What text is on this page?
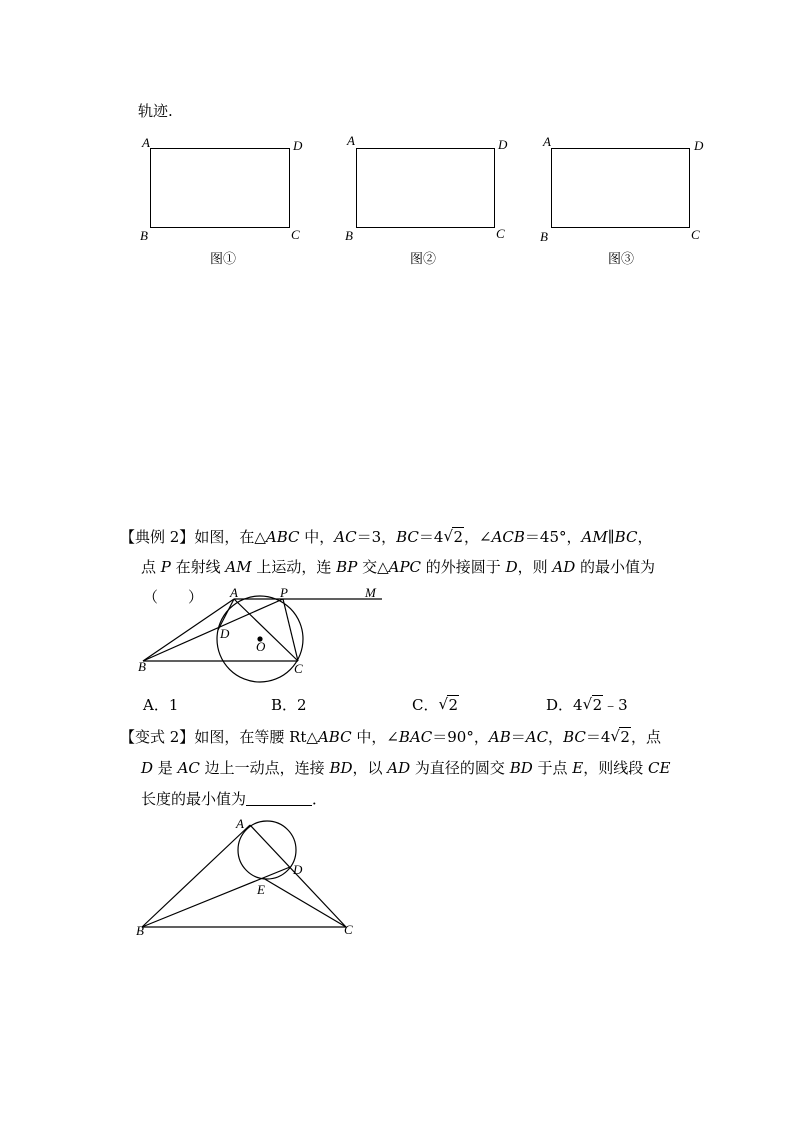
轨迹.
A	D
B	C
图①
A	D
B	C
图②
A	D
B	C
图③
【典例 2】如图，在△ABC 中，AC＝3，BC＝4 √ 2，∠ACB＝45°，AM∥BC，
点 P 在射线 AM 上运动，连 BP 交△APC 的外接圆于 D，则 AD 的最小值为
（　　） A	P	M
D
O
B	C
A．1	B．2	C． √ 2	D．4 √ 2﹣3
【变式 2】如图，在等腰 Rt△ABC 中，∠BAC＝90°，AB＝AC，BC＝4 √ 2，点
D 是 AC 边上一动点，连接 BD，以 AD 为直径的圆交 BD 于点 E，则线段 CE
长度的最小值为	．
A
D
E
B	C
